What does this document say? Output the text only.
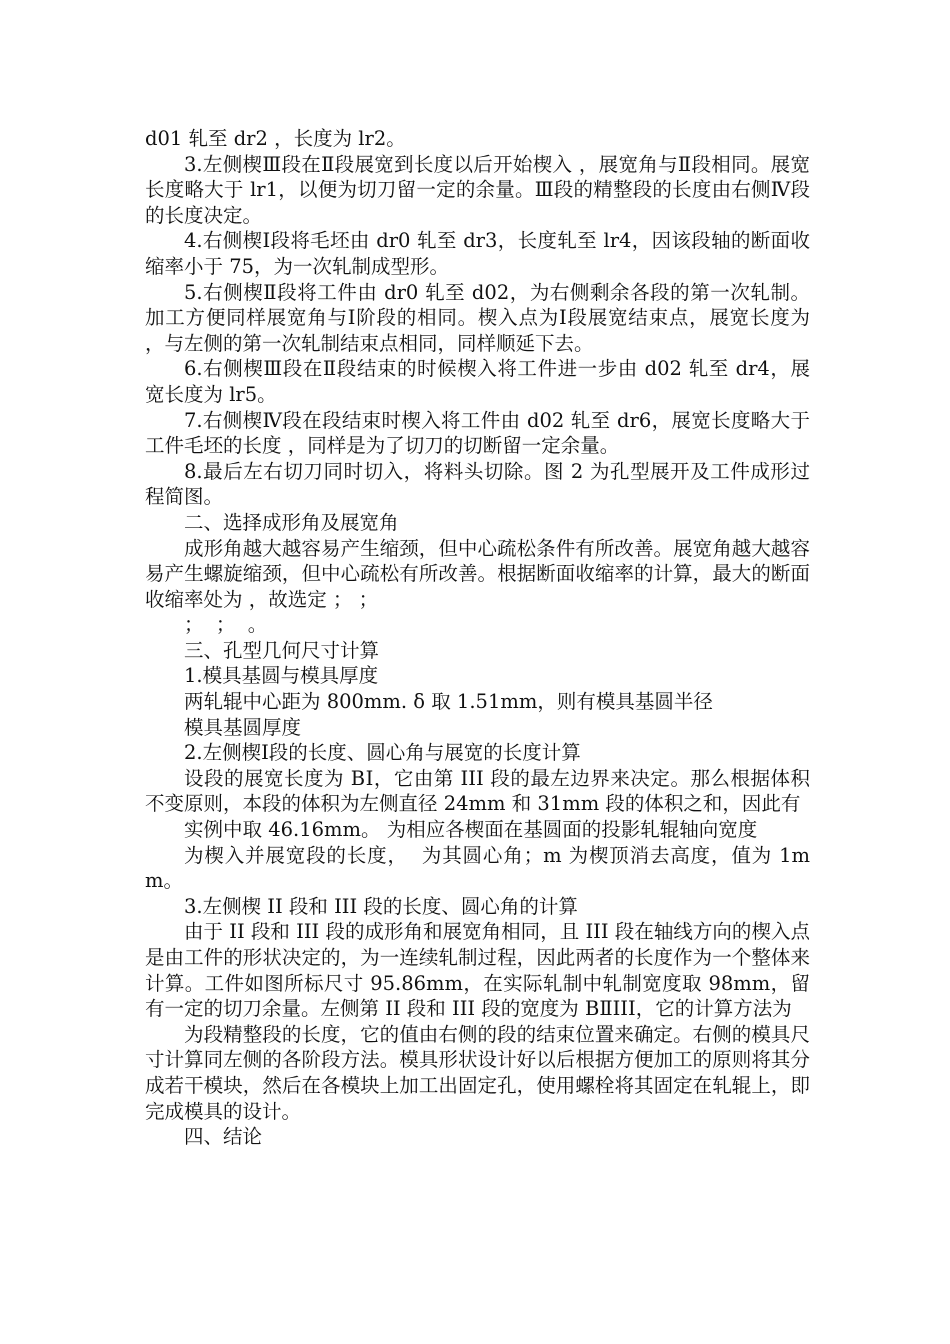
d01 轧至 dr2 ，长度为 lr2。

3.左侧楔Ⅲ段在Ⅱ段展宽到长度以后开始楔入 ，展宽角与Ⅱ段相同。展宽长度略大于 lr1，以便为切刀留一定的余量。Ⅲ段的精整段的长度由右侧Ⅳ段的长度决定。

4.右侧楔Ⅰ段将毛坯由 dr0 轧至 dr3，长度轧至 lr4，因该段轴的断面收缩率小于 75，为一次轧制成型形。

5.右侧楔Ⅱ段将工件由 dr0 轧至 d02，为右侧剩余各段的第一次轧制。加工方便同样展宽角与Ⅰ阶段的相同。楔入点为Ⅰ段展宽结束点，展宽长度为 ，与左侧的第一次轧制结束点相同，同样顺延下去。

6.右侧楔Ⅲ段在Ⅱ段结束的时候楔入将工件进一步由 d02 轧至 dr4，展宽长度为 lr5。

7.右侧楔Ⅳ段在段结束时楔入将工件由 d02 轧至 dr6，展宽长度略大于工件毛坯的长度 ，同样是为了切刀的切断留一定余量。

8.最后左右切刀同时切入，将料头切除。图 2 为孔型展开及工件成形过程简图。

二、选择成形角及展宽角

成形角越大越容易产生缩颈，但中心疏松条件有所改善。展宽角越大越容易产生螺旋缩颈，但中心疏松有所改善。根据断面收缩率的计算，最大的断面收缩率处为 ，故选定 ； ；

；  ；  。

三、孔型几何尺寸计算

1.模具基圆与模具厚度

两轧辊中心距为 800mm. δ 取 1.51mm，则有模具基圆半径

模具基圆厚度

2.左侧楔Ⅰ段的长度、圆心角与展宽的长度计算

设段的展宽长度为 BⅠ，它由第 III 段的最左边界来决定。那么根据体积不变原则，本段的体积为左侧直径 24mm 和 31mm 段的体积之和，因此有

实例中取 46.16mm。 为相应各楔面在基圆面的投影轧辊轴向宽度

为楔入并展宽段的长度，  为其圆心角；m 为楔顶消去高度，值为 1mm。

3.左侧楔 II 段和 III 段的长度、圆心角的计算

由于 II 段和 III 段的成形角和展宽角相同，且 III 段在轴线方向的楔入点是由工件的形状决定的，为一连续轧制过程，因此两者的长度作为一个整体来计算。工件如图所标尺寸 95.86mm，在实际轧制中轧制宽度取 98mm，留有一定的切刀余量。左侧第 II 段和 III 段的宽度为 BⅡIII，它的计算方法为

为段精整段的长度，它的值由右侧的段的结束位置来确定。右侧的模具尺寸计算同左侧的各阶段方法。模具形状设计好以后根据方便加工的原则将其分成若干模块，然后在各模块上加工出固定孔，使用螺栓将其固定在轧辊上，即完成模具的设计。

四、结论
